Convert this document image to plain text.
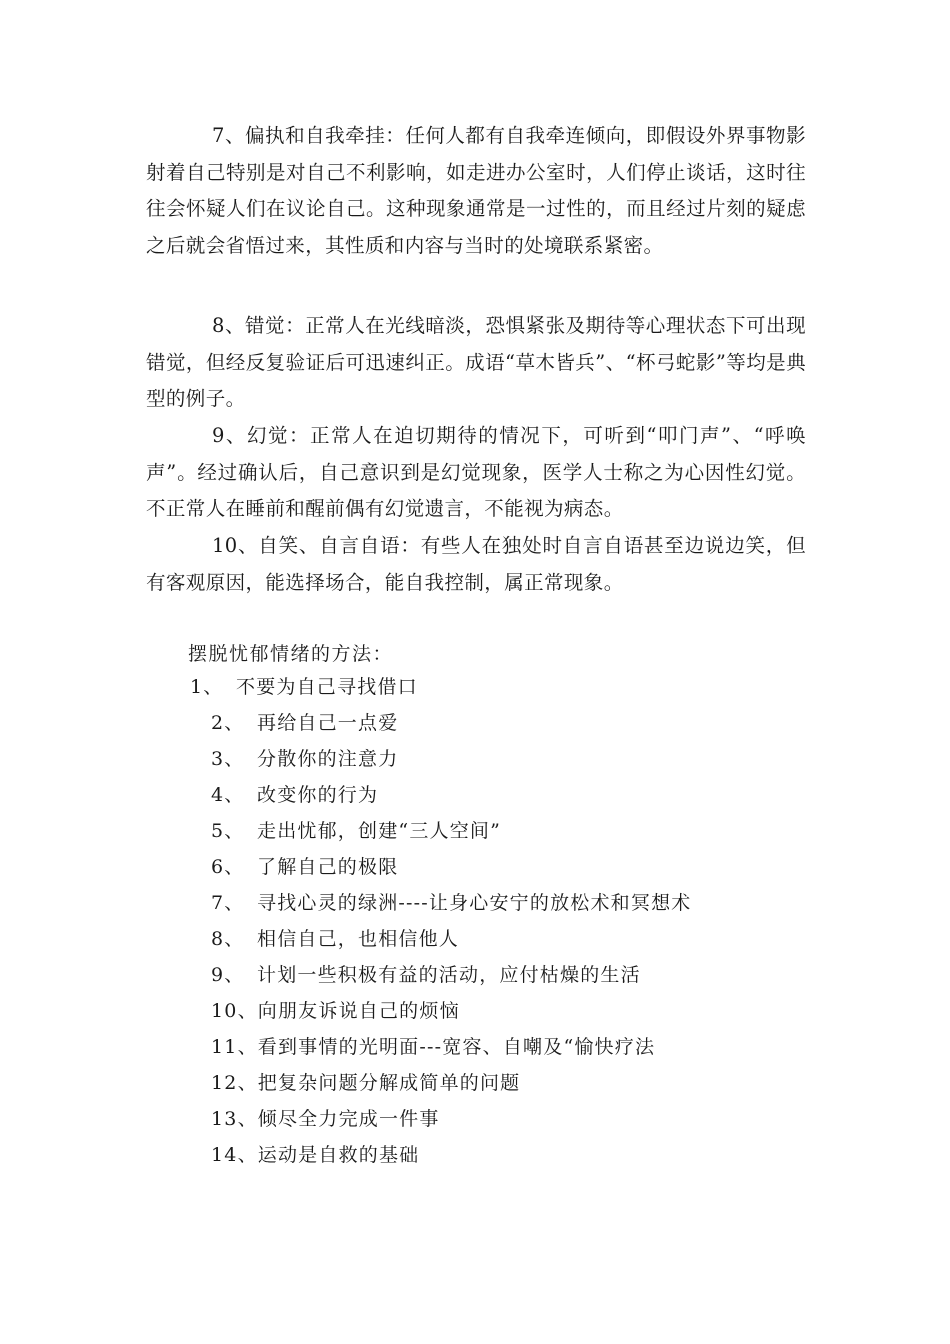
7、偏执和自我牵挂：任何人都有自我牵连倾向，即假设外界事物影射着自己特别是对自己不利影响，如走进办公室时，人们停止谈话，这时往往会怀疑人们在议论自己。这种现象通常是一过性的，而且经过片刻的疑虑之后就会省悟过来，其性质和内容与当时的处境联系紧密。

8、错觉：正常人在光线暗淡，恐惧紧张及期待等心理状态下可出现错觉，但经反复验证后可迅速纠正。成语“草木皆兵”、“杯弓蛇影”等均是典型的例子。

9、幻觉：正常人在迫切期待的情况下，可听到“叩门声”、“呼唤声”。经过确认后，自己意识到是幻觉现象，医学人士称之为心因性幻觉。不正常人在睡前和醒前偶有幻觉遗言，不能视为病态。

10、自笑、自言自语：有些人在独处时自言自语甚至边说边笑，但有客观原因，能选择场合，能自我控制，属正常现象。

摆脱忧郁情绪的方法：

1、 不要为自己寻找借口
2、 再给自己一点爱
3、 分散你的注意力
4、 改变你的行为
5、 走出忧郁，创建“三人空间”
6、 了解自己的极限
7、 寻找心灵的绿洲----让身心安宁的放松术和冥想术
8、 相信自己，也相信他人
9、 计划一些积极有益的活动，应付枯燥的生活
10、向朋友诉说自己的烦恼
11、看到事情的光明面---宽容、自嘲及“愉快疗法
12、把复杂问题分解成简单的问题
13、倾尽全力完成一件事
14、运动是自救的基础
